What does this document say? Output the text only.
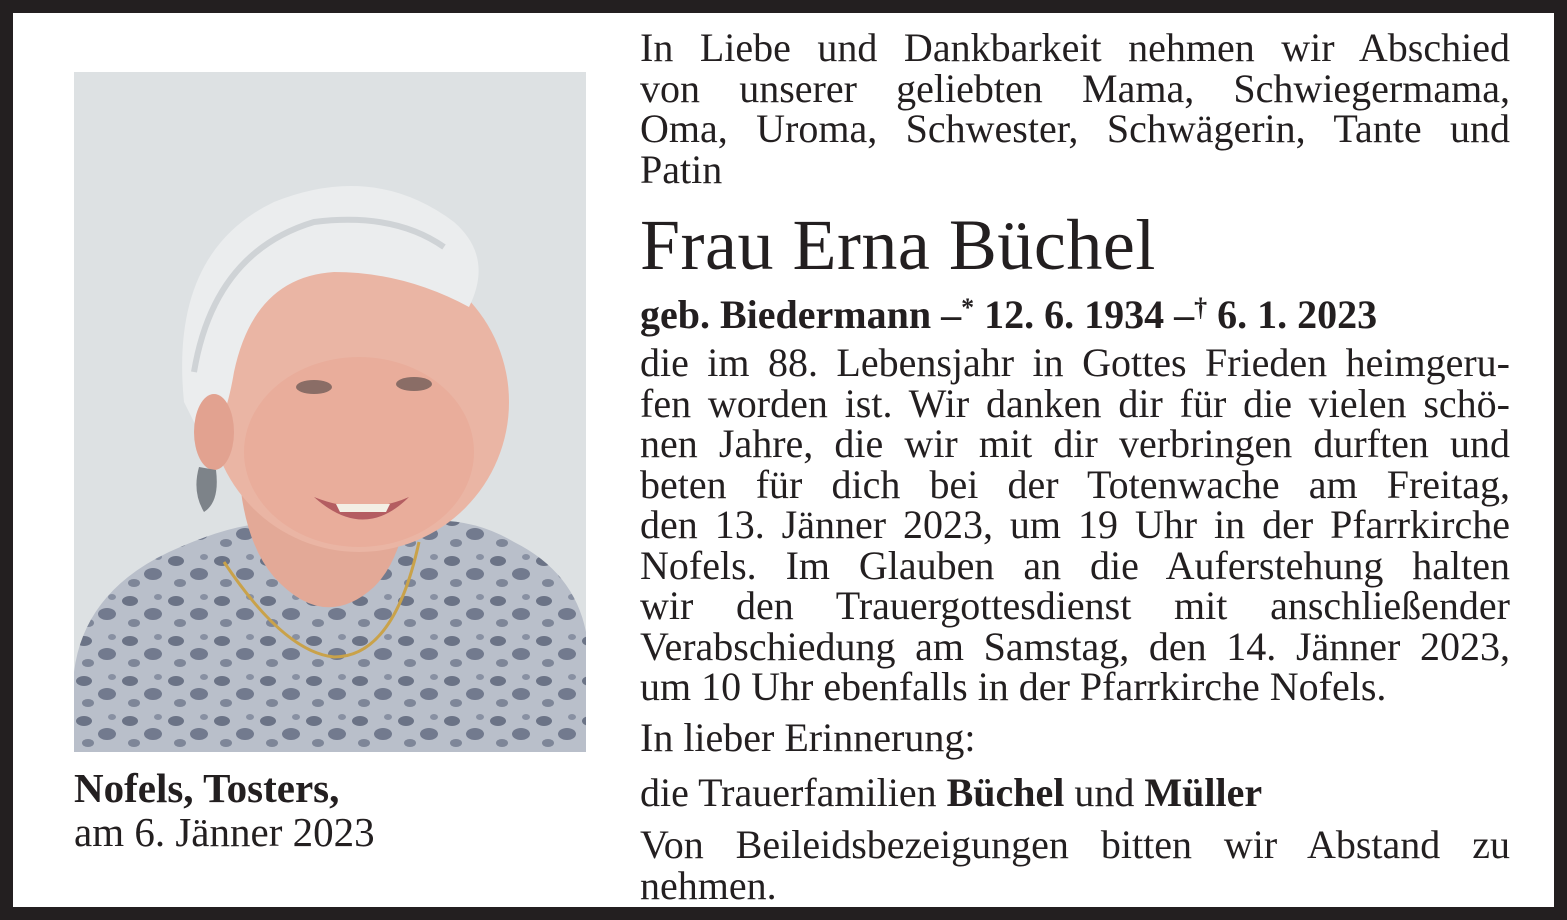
Nofels, Tosters,
am 6. Jänner 2023
In Liebe und Dankbarkeit nehmen wir Abschied
von unserer geliebten Mama, Schwiegermama,
Oma, Uroma, Schwester, Schwägerin, Tante und
Patin
Frau Erna Büchel
geb. Biedermann –* 12. 6. 1934 –† 6. 1. 2023
die im 88. Lebensjahr in Gottes Frieden heimgeru-
fen worden ist. Wir danken dir für die vielen schö-
nen Jahre, die wir mit dir verbringen durften und
beten für dich bei der Totenwache am Freitag,
den 13. Jänner 2023, um 19 Uhr in der Pfarrkirche
Nofels. Im Glauben an die Auferstehung halten
wir den Trauergottesdienst mit anschließender
Verabschiedung am Samstag, den 14. Jänner 2023,
um 10 Uhr ebenfalls in der Pfarrkirche Nofels.
In lieber Erinnerung:
die Trauerfamilien Büchel und Müller
Von Beileidsbezeigungen bitten wir Abstand zu
nehmen.
